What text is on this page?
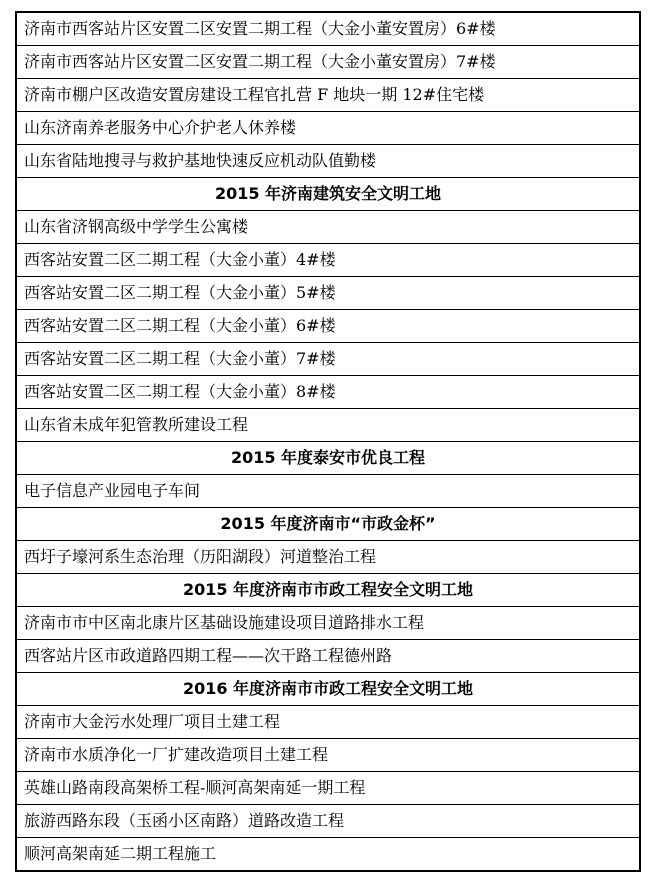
济南市西客站片区安置二区安置二期工程（大金小董安置房）6#楼
济南市西客站片区安置二区安置二期工程（大金小董安置房）7#楼
济南市棚户区改造安置房建设工程官扎营 F 地块一期 12#住宅楼
山东济南养老服务中心介护老人休养楼
山东省陆地搜寻与救护基地快速反应机动队值勤楼
2015 年济南建筑安全文明工地
山东省济钢高级中学学生公寓楼
西客站安置二区二期工程（大金小董）4#楼
西客站安置二区二期工程（大金小董）5#楼
西客站安置二区二期工程（大金小董）6#楼
西客站安置二区二期工程（大金小董）7#楼
西客站安置二区二期工程（大金小董）8#楼
山东省未成年犯管教所建设工程
2015 年度泰安市优良工程
电子信息产业园电子车间
2015 年度济南市“市政金杯”
西圩子壕河系生态治理（历阳湖段）河道整治工程
2015 年度济南市市政工程安全文明工地
济南市市中区南北康片区基础设施建设项目道路排水工程
西客站片区市政道路四期工程——次干路工程德州路
2016 年度济南市市政工程安全文明工地
济南市大金污水处理厂项目土建工程
济南市水质净化一厂扩建改造项目土建工程
英雄山路南段高架桥工程-顺河高架南延一期工程
旅游西路东段（玉函小区南路）道路改造工程
顺河高架南延二期工程施工
